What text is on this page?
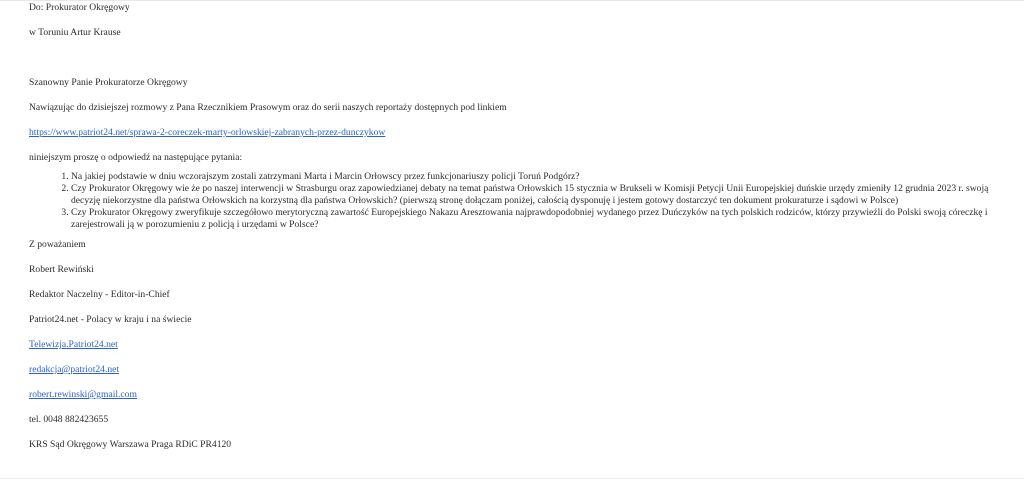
Do: Prokurator Okręgowy

w Toruniu Artur Krause

Szanowny Panie Prokuratorze Okręgowy

Nawiązując do dzisiejszej rozmowy z Pana Rzecznikiem Prasowym oraz do serii naszych reportaży dostępnych pod linkiem

https://www.patriot24.net/sprawa-2-coreczek-marty-orlowskiej-zabranych-przez-dunczykow

niniejszym proszę o odpowiedź na następujące pytania:

1. Na jakiej podstawie w dniu wczorajszym zostali zatrzymani Marta i Marcin Orłowscy przez funkcjonariuszy policji Toruń Podgórz?
2. Czy Prokurator Okręgowy wie że po naszej interwencji w Strasburgu oraz zapowiedzianej debaty na temat państwa Orłowskich 15 stycznia w Brukseli w Komisji Petycji Unii Europejskiej duńskie urzędy zmieniły 12 grudnia 2023 r. swoją decyzję niekorzystne dla państwa Orłowskich na korzystną dla państwa Orłowskich? (pierwszą stronę dołączam poniżej, całością dysponuję i jestem gotowy dostarczyć ten dokument prokuraturze i sądowi w Polsce)
3. Czy Prokurator Okręgowy zweryfikuje szczegółowo merytoryczną zawartość Europejskiego Nakazu Aresztowania najprawdopodobniej wydanego przez Duńczyków na tych polskich rodziców, którzy przywieźli do Polski swoją córeczkę i zarejestrowali ją w porozumieniu z policją i urzędami w Polsce?

Z poważaniem

Robert Rewiński

Redaktor Naczelny - Editor-in-Chief

Patriot24.net - Polacy w kraju i na świecie

Telewizja.Patriot24.net

redakcja@patriot24.net

robert.rewinski@gmail.com

tel. 0048 882423655

KRS Sąd Okręgowy Warszawa Praga RDiC PR4120
